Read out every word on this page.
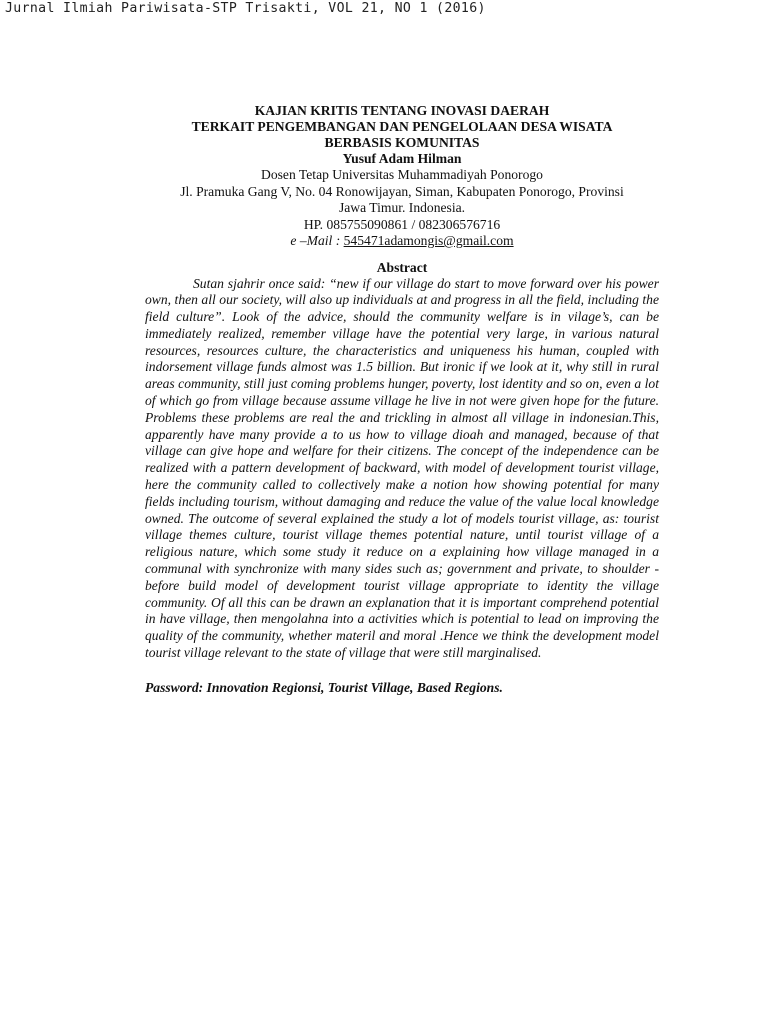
Jurnal Ilmiah Pariwisata-STP Trisakti, VOL 21, NO 1 (2016)
KAJIAN KRITIS TENTANG INOVASI DAERAH
TERKAIT PENGEMBANGAN DAN PENGELOLAAN DESA WISATA
BERBASIS KOMUNITAS
Yusuf Adam Hilman
Dosen Tetap Universitas Muhammadiyah Ponorogo
Jl. Pramuka Gang V, No. 04 Ronowijayan, Siman, Kabupaten Ponorogo, Provinsi
Jawa Timur. Indonesia.
HP. 085755090861 / 082306576716
e –Mail : 545471adamongis@gmail.com
Abstract

Sutan sjahrir once said: “new if our village do start to move forward over his power own, then all our society, will also up individuals at and progress in all the field, including the field culture”. Look of the advice, should the community welfare is in vilage’s, can be immediately realized, remember village have the potential very large, in various natural resources, resources culture, the characteristics and uniqueness his human, coupled with indorsement village funds almost was 1.5 billion. But ironic if we look at it, why still in rural areas community, still just coming problems hunger, poverty, lost identity and so on, even a lot of which go from village because assume village he live in not were given hope for the future. Problems these problems are real the and trickling in almost all village in indonesian.This, apparently have many provide a to us how to village dioah and managed, because of that village can give hope and welfare for their citizens. The concept of the independence can be realized with a pattern development of backward, with model of development tourist village, here the community called to collectively make a notion how showing potential for many fields including tourism, without damaging and reduce the value of the value local knowledge owned. The outcome of several explained the study a lot of models tourist village, as: tourist village themes culture, tourist village themes potential nature, until tourist village of a religious nature, which some study it reduce on a explaining how village managed in a communal with synchronize with many sides such as; government and private, to shoulder - before build model of development tourist village appropriate to identity the village community. Of all this can be drawn an explanation that it is important comprehend potential in have village, then mengolahna into a activities which is potential to lead on improving the quality of the community, whether materil and moral .Hence we think the development model tourist village relevant to the state of village that were still marginalised.

Password: Innovation Regionsi, Tourist Village, Based Regions.
